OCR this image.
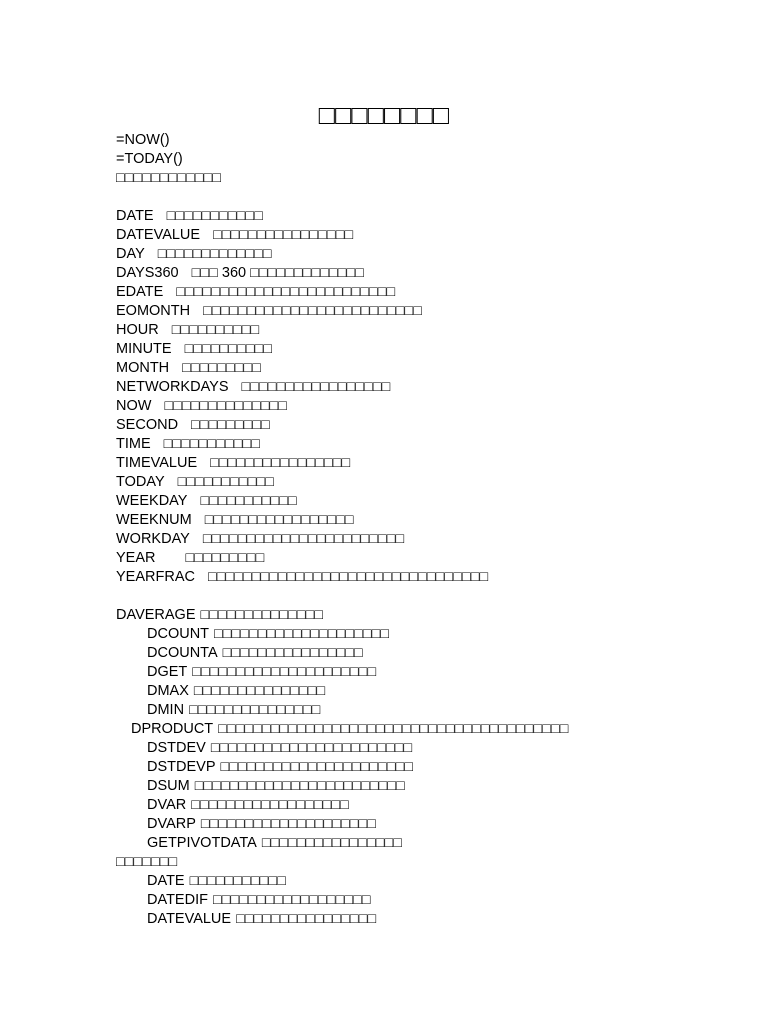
□□□□□□□□
=NOW()
=TODAY()
□□□□□□□□□□□□
DATE □□□□□□□□□□□
DATEVALUE □□□□□□□□□□□□□□□□
DAY □□□□□□□□□□□□□
DAYS360 □□□ 360 □□□□□□□□□□□□□
EDATE □□□□□□□□□□□□□□□□□□□□□□□□□
EOMONTH □□□□□□□□□□□□□□□□□□□□□□□□□
HOUR □□□□□□□□□□
MINUTE □□□□□□□□□□
MONTH □□□□□□□□□
NETWORKDAYS □□□□□□□□□□□□□□□□□
NOW □□□□□□□□□□□□□□
SECOND □□□□□□□□□
TIME □□□□□□□□□□□
TIMEVALUE □□□□□□□□□□□□□□□□
TODAY □□□□□□□□□□□
WEEKDAY □□□□□□□□□□□
WEEKNUM □□□□□□□□□□□□□□□□□
WORKDAY □□□□□□□□□□□□□□□□□□□□□□□
YEAR □□□□□□□□□
YEARFRAC □□□□□□□□□□□□□□□□□□□□□□□□□□□□□□□□
DAVERAGE □□□□□□□□□□□□□□
DCOUNT □□□□□□□□□□□□□□□□□□□□
DCOUNTA □□□□□□□□□□□□□□□□
DGET □□□□□□□□□□□□□□□□□□□□□
DMAX □□□□□□□□□□□□□□□
DMIN □□□□□□□□□□□□□□□
DPRODUCT □□□□□□□□□□□□□□□□□□□□□□□□□□□□□□□□□□□□□□□□
DSTDEV □□□□□□□□□□□□□□□□□□□□□□□
DSTDEVP □□□□□□□□□□□□□□□□□□□□□□
DSUM □□□□□□□□□□□□□□□□□□□□□□□□
DVAR □□□□□□□□□□□□□□□□□□
DVARP □□□□□□□□□□□□□□□□□□□□
GETPIVOTDATA □□□□□□□□□□□□□□□□
□□□□□□□
DATE □□□□□□□□□□□
DATEDIF □□□□□□□□□□□□□□□□□□
DATEVALUE □□□□□□□□□□□□□□□□
